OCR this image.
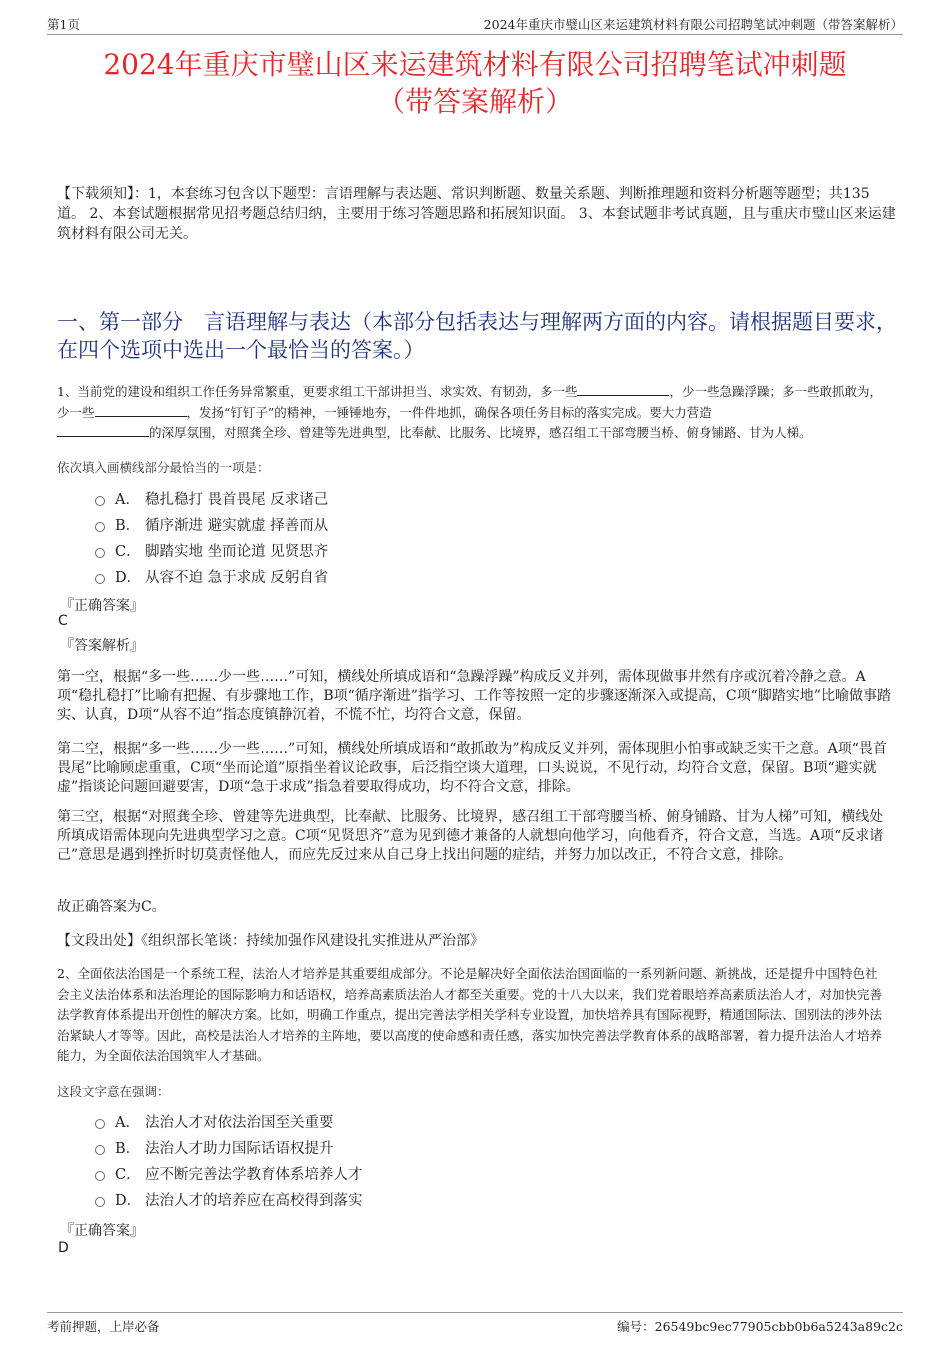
第1页	2024年重庆市璧山区来运建筑材料有限公司招聘笔试冲刺题（带答案解析）
2024年重庆市璧山区来运建筑材料有限公司招聘笔试冲刺题
（带答案解析）
【下载须知】：1，本套练习包含以下题型：言语理解与表达题、常识判断题、数量关系题、判断推理题和资料分析题等题型；共135道。 2、本套试题根据常见招考题总结归纳，主要用于练习答题思路和拓展知识面。 3、本套试题非考试真题，且与重庆市璧山区来运建筑材料有限公司无关。
一、第一部分　言语理解与表达（本部分包括表达与理解两方面的内容。请根据题目要求，在四个选项中选出一个最恰当的答案。）
1、当前党的建设和组织工作任务异常繁重，更要求组工干部讲担当、求实效、有韧劲，多一些	，少一些急躁浮躁；多一些敢抓敢为，少一些	，发扬“钉钉子”的精神，一锤锤地夯，一件件地抓，确保各项任务目标的落实完成。要大力营造
的深厚氛围，对照龚全珍、曾建等先进典型，比奉献、比服务、比境界，感召组工干部弯腰当桥、俯身铺路、甘为人梯。
依次填入画横线部分最恰当的一项是：
A． 稳扎稳打 畏首畏尾 反求诸己
B． 循序渐进 避实就虚 择善而从
C． 脚踏实地 坐而论道 见贤思齐
D． 从容不迫 急于求成 反躬自省
『正确答案』
C
『答案解析』
第一空，根据“多一些……少一些……”可知，横线处所填成语和“急躁浮躁”构成反义并列，需体现做事井然有序或沉着冷静之意。A项“稳扎稳打”比喻有把握、有步骤地工作，B项“循序渐进”指学习、工作等按照一定的步骤逐渐深入或提高，C项“脚踏实地”比喻做事踏实、认真，D项“从容不迫”指态度镇静沉着，不慌不忙，均符合文意，保留。
第二空，根据“多一些……少一些……”可知，横线处所填成语和“敢抓敢为”构成反义并列，需体现胆小怕事或缺乏实干之意。A项“畏首畏尾”比喻顾虑重重，C项“坐而论道”原指坐着议论政事，后泛指空谈大道理，口头说说，不见行动，均符合文意，保留。B项“避实就虚”指谈论问题回避要害，D项“急于求成”指急着要取得成功，均不符合文意，排除。
第三空，根据“对照龚全珍、曾建等先进典型，比奉献、比服务、比境界，感召组工干部弯腰当桥、俯身铺路、甘为人梯”可知，横线处所填成语需体现向先进典型学习之意。C项“见贤思齐”意为见到德才兼备的人就想向他学习，向他看齐，符合文意，当选。A项“反求诸己”意思是遇到挫折时切莫责怪他人，而应先反过来从自己身上找出问题的症结，并努力加以改正，不符合文意，排除。
故正确答案为C。
【文段出处】《组织部长笔谈：持续加强作风建设扎实推进从严治部》
2、全面依法治国是一个系统工程，法治人才培养是其重要组成部分。不论是解决好全面依法治国面临的一系列新问题、新挑战，还是提升中国特色社会主义法治体系和法治理论的国际影响力和话语权，培养高素质法治人才都至关重要。党的十八大以来，我们党着眼培养高素质法治人才，对加快完善法学教育体系提出开创性的解决方案。比如，明确工作重点，提出完善法学相关学科专业设置，加快培养具有国际视野，精通国际法、国别法的涉外法治紧缺人才等等。因此，高校是法治人才培养的主阵地，要以高度的使命感和责任感，落实加快完善法学教育体系的战略部署，着力提升法治人才培养能力，为全面依法治国筑牢人才基础。
这段文字意在强调：
A． 法治人才对依法治国至关重要
B． 法治人才助力国际话语权提升
C． 应不断完善法学教育体系培养人才
D． 法治人才的培养应在高校得到落实
『正确答案』
D
考前押题，上岸必备	编号：26549bc9ec77905cbb0b6a5243a89c2c
